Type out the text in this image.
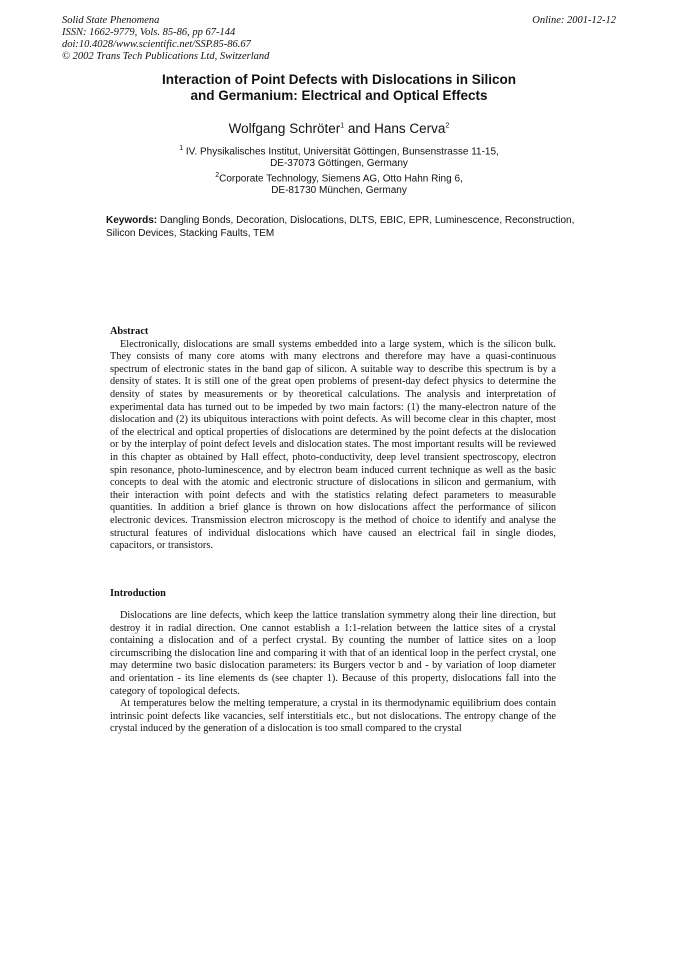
Solid State Phenomena
ISSN: 1662-9779, Vols. 85-86, pp 67-144
doi:10.4028/www.scientific.net/SSP.85-86.67
© 2002 Trans Tech Publications Ltd, Switzerland
Online: 2001-12-12
Interaction of Point Defects with Dislocations in Silicon
and Germanium: Electrical and Optical Effects
Wolfgang Schröter$^1$ and Hans Cerva$^2$
$^1$ IV. Physikalisches Institut, Universität Göttingen, Bunsenstrasse 11-15,
DE-37073 Göttingen, Germany
$^2$Corporate Technology, Siemens AG, Otto Hahn Ring 6,
DE-81730 München, Germany
Keywords: Dangling Bonds, Decoration, Dislocations, DLTS, EBIC, EPR, Luminescence, Reconstruction, Silicon Devices, Stacking Faults, TEM
Abstract

Electronically, dislocations are small systems embedded into a large system, which is the silicon bulk. They consists of many core atoms with many electrons and therefore may have a quasi-continuous spectrum of electronic states in the band gap of silicon. A suitable way to describe this spectrum is by a density of states. It is still one of the great open problems of present-day defect physics to determine the density of states by measurements or by theoretical calculations. The analysis and interpretation of experimental data has turned out to be impeded by two main factors: (1) the many-electron nature of the dislocation and (2) its ubiquitous interactions with point defects. As will become clear in this chapter, most of the electrical and optical properties of dislocations are determined by the point defects at the dislocation or by the interplay of point defect levels and dislocation states. The most important results will be reviewed in this chapter as obtained by Hall effect, photo-conductivity, deep level transient spectroscopy, electron spin resonance, photo-luminescence, and by electron beam induced current technique as well as the basic concepts to deal with the atomic and electronic structure of dislocations in silicon and germanium, with their interaction with point defects and with the statistics relating defect parameters to measurable quantities. In addition a brief glance is thrown on how dislocations affect the performance of silicon electronic devices. Transmission electron microscopy is the method of choice to identify and analyse the structural features of individual dislocations which have caused an electrical fail in single diodes, capacitors, or transistors.

Introduction

Dislocations are line defects, which keep the lattice translation symmetry along their line direction, but destroy it in radial direction. One cannot establish a 1:1-relation between the lattice sites of a crystal containing a dislocation and of a perfect crystal. By counting the number of lattice sites on a loop circumscribing the dislocation line and comparing it with that of an identical loop in the perfect crystal, one may determine two basic dislocation parameters: its Burgers vector b and - by variation of loop diameter and orientation - its line elements ds (see chapter 1). Because of this property, dislocations fall into the category of topological defects.

At temperatures below the melting temperature, a crystal in its thermodynamic equilibrium does contain intrinsic point defects like vacancies, self interstitials etc., but not dislocations. The entropy change of the crystal induced by the generation of a dislocation is too small compared to the crystal
